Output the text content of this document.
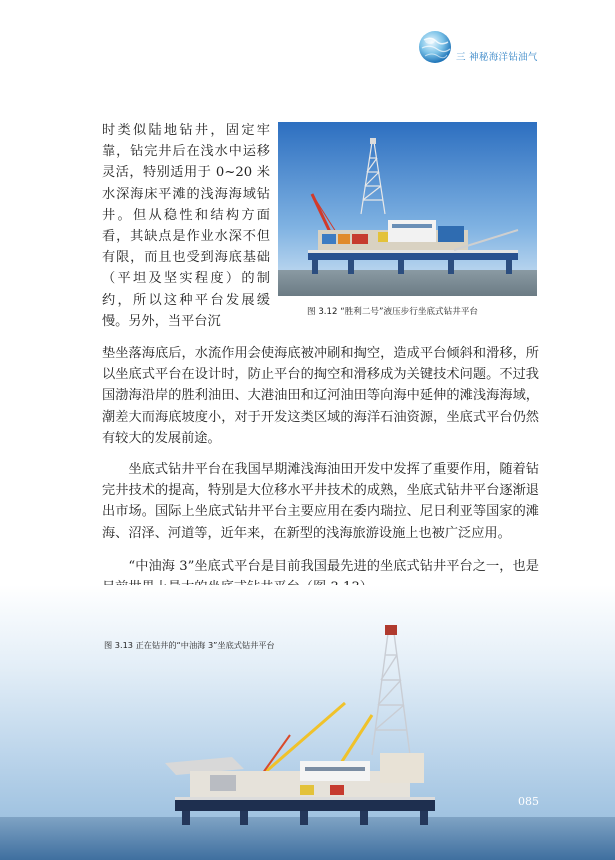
三 神秘海洋钻油气

时类似陆地钻井，固定牢靠，钻完井后在浅水中运移灵活，特别适用于 0~20 米水深海床平滩的浅海海域钻井。但从稳性和结构方面看，其缺点是作业水深不但有限，而且也受到海底基础（平坦及坚实程度）的制约，所以这种平台发展缓慢。另外，当平台沉

垫坐落海底后，水流作用会使海底被冲刷和掏空，造成平台倾斜和滑移，所以坐底式平台在设计时，防止平台的掏空和滑移成为关键技术问题。不过我国渤海沿岸的胜利油田、大港油田和辽河油田等向海中延伸的滩浅海海域，潮差大而海底坡度小，对于开发这类区域的海洋石油资源，坐底式平台仍然有较大的发展前途。

坐底式钻井平台在我国早期滩浅海油田开发中发挥了重要作用，随着钻完井技术的提高，特别是大位移水平井技术的成熟，坐底式钻井平台逐渐退出市场。国际上坐底式钻井平台主要应用在委内瑞拉、尼日利亚等国家的滩海、沼泽、河道等，近年来，在新型的浅海旅游设施上也被广泛应用。

“中油海 3”坐底式平台是目前我国最先进的坐底式钻井平台之一，也是

图 3.12 “胜利二号”液压步行坐底式钻井平台
图 3.13 正在钻井的“中油海 3”坐底式钻井平台
085
